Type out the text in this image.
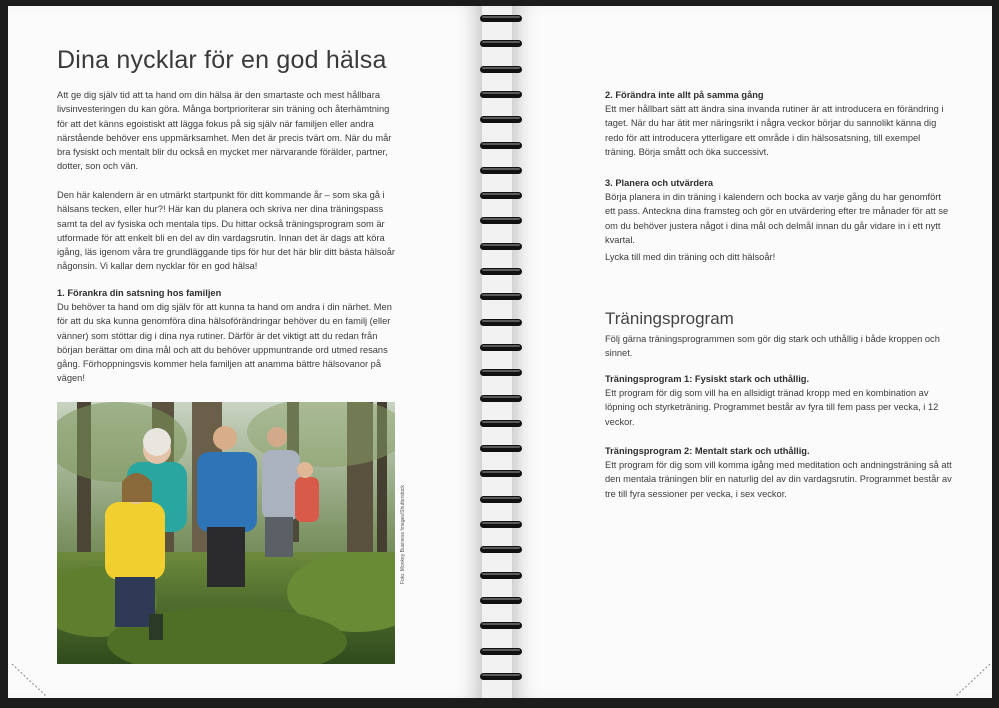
Dina nycklar för en god hälsa

Att ge dig själv tid att ta hand om din hälsa är den smartaste och mest hållbara livsinvesteringen du kan göra. Många bortprioriterar sin träning och återhämtning för att det känns egoistiskt att lägga fokus på sig själv när familjen eller andra närstående behöver ens uppmärksamhet. Men det är precis tvärt om. När du mår bra fysiskt och mentalt blir du också en mycket mer närvarande förälder, partner, dotter, son och vän.

Den här kalendern är en utmärkt startpunkt för ditt kommande år – som ska gå i hälsans tecken, eller hur?! Här kan du planera och skriva ner dina träningspass samt ta del av fysiska och mentala tips. Du hittar också träningsprogram som är utformade för att enkelt bli en del av din vardagsrutin. Innan det är dags att köra igång, läs igenom våra tre grundläggande tips för hur det här blir ditt bästa hälsoår någonsin. Vi kallar dem nycklar för en god hälsa!

1. Förankra din satsning hos familjen

Du behöver ta hand om dig själv för att kunna ta hand om andra i din närhet. Men för att du ska kunna genomföra dina hälsoförändringar behöver du en familj (eller vänner) som stöttar dig i dina nya rutiner. Därför är det viktigt att du redan från början berättar om dina mål och att du behöver uppmuntrande ord utmed resans gång. Förhoppningsvis kommer hela familjen att anamma bättre hälsovanor på vägen!

Foto: Monkey Business Images/Shutterstock

2. Förändra inte allt på samma gång

Ett mer hållbart sätt att ändra sina invanda rutiner är att introducera en förändring i taget. När du har ätit mer näringsrikt i några veckor börjar du sannolikt känna dig redo för att introducera ytterligare ett område i din hälsosatsning, till exempel träning. Börja smått och öka successivt.

3. Planera och utvärdera

Börja planera in din träning i kalendern och bocka av varje gång du har genomfört ett pass. Anteckna dina framsteg och gör en utvärdering efter tre månader för att se om du behöver justera något i dina mål och delmål innan du går vidare in i ett nytt kvartal.

Lycka till med din träning och ditt hälsoår!

Träningsprogram

Följ gärna träningsprogrammen som gör dig stark och uthållig i både kroppen och sinnet.

Träningsprogram 1: Fysiskt stark och uthållig.

Ett program för dig som vill ha en allsidigt tränad kropp med en kombination av löpning och styrketräning. Programmet består av fyra till fem pass per vecka, i 12 veckor.

Träningsprogram 2: Mentalt stark och uthållig.

Ett program för dig som vill komma igång med meditation och andningsträning så att den mentala träningen blir en naturlig del av din vardagsrutin. Programmet består av tre till fyra sessioner per vecka, i sex veckor.
